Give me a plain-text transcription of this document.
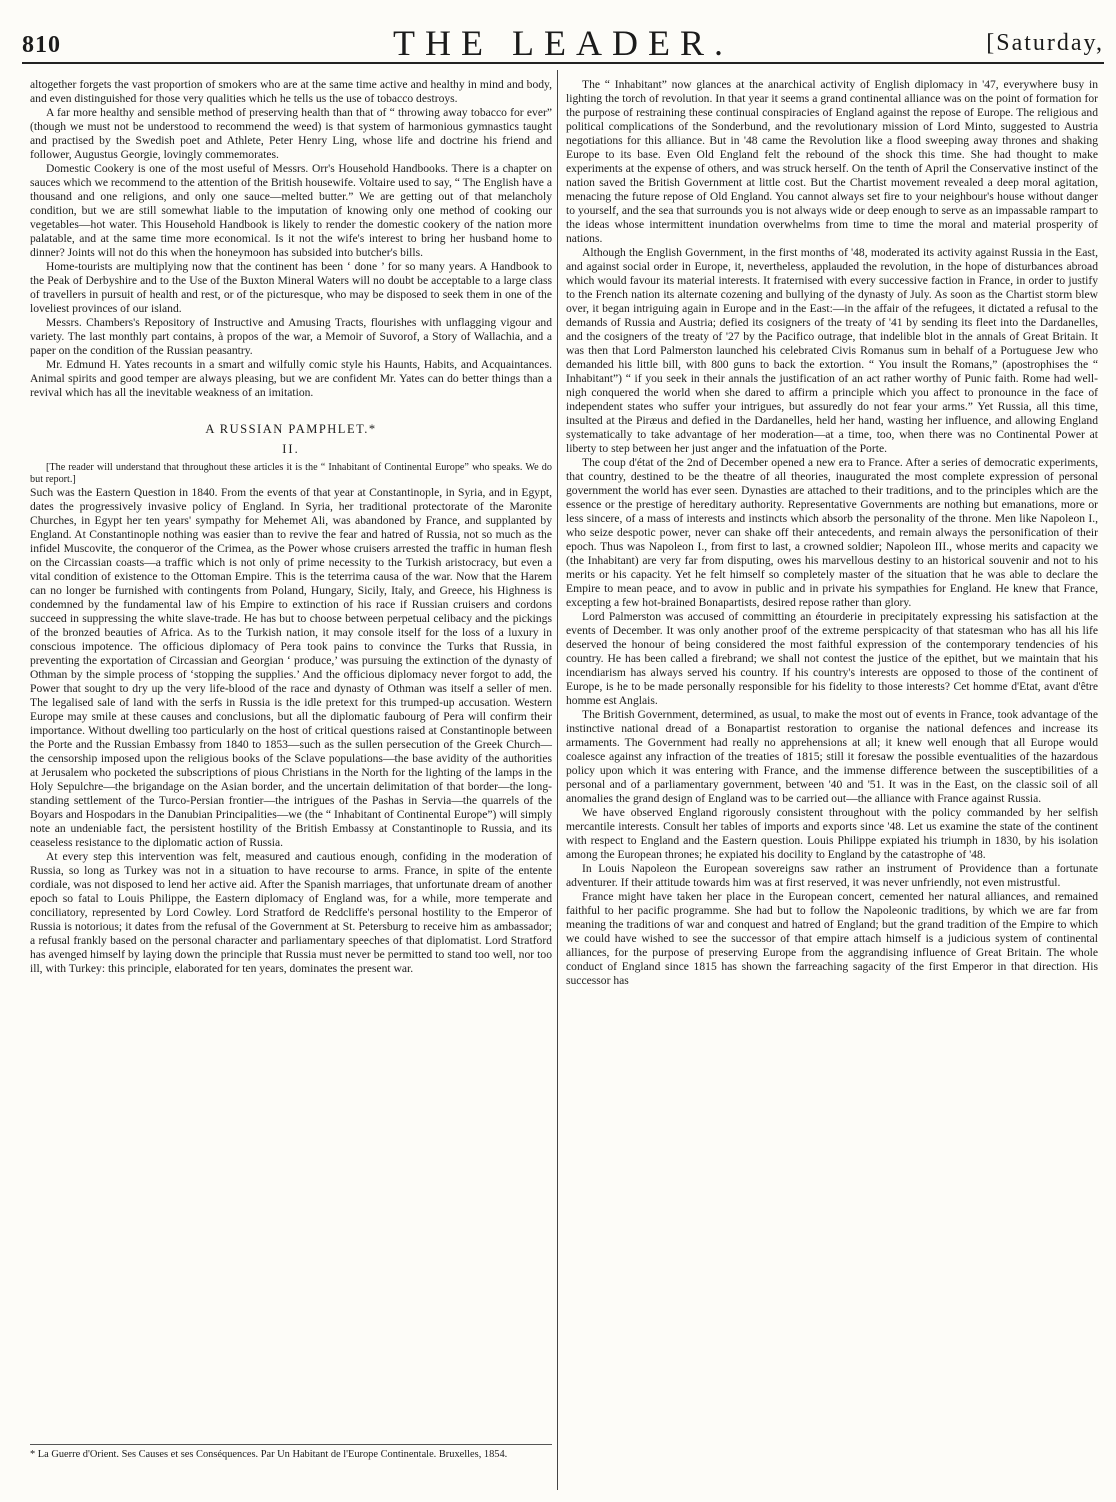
810	THE LEADER.	[Saturday,

altogether forgets the vast proportion of smokers who are at the same time active and healthy in mind and body, and even distinguished for those very qualities which he tells us the use of tobacco destroys.

A far more healthy and sensible method of preserving health than that of “ throwing away tobacco for ever” (though we must not be understood to recommend the weed) is that system of harmonious gymnastics taught and practised by the Swedish poet and Athlete, Peter Henry Ling, whose life and doctrine his friend and follower, Augustus Georgie, lovingly commemorates.

Domestic Cookery is one of the most useful of Messrs. Orr's Household Handbooks. There is a chapter on sauces which we recommend to the attention of the British housewife. Voltaire used to say, “ The English have a thousand and one religions, and only one sauce—melted butter.” We are getting out of that melancholy condition, but we are still somewhat liable to the imputation of knowing only one method of cooking our vegetables—hot water. This Household Handbook is likely to render the domestic cookery of the nation more palatable, and at the same time more economical. Is it not the wife's interest to bring her husband home to dinner? Joints will not do this when the honeymoon has subsided into butcher's bills.

Home-tourists are multiplying now that the continent has been ‘ done ’ for so many years. A Handbook to the Peak of Derbyshire and to the Use of the Buxton Mineral Waters will no doubt be acceptable to a large class of travellers in pursuit of health and rest, or of the picturesque, who may be disposed to seek them in one of the loveliest provinces of our island.

Messrs. Chambers's Repository of Instructive and Amusing Tracts, flourishes with unflagging vigour and variety. The last monthly part contains, à propos of the war, a Memoir of Suvorof, a Story of Wallachia, and a paper on the condition of the Russian peasantry.

Mr. Edmund H. Yates recounts in a smart and wilfully comic style his Haunts, Habits, and Acquaintances. Animal spirits and good temper are always pleasing, but we are confident Mr. Yates can do better things than a revival which has all the inevitable weakness of an imitation.

A RUSSIAN PAMPHLET.*
II.

[The reader will understand that throughout these articles it is the “ Inhabitant of Continental Europe” who speaks. We do but report.]

Such was the Eastern Question in 1840. From the events of that year at Constantinople, in Syria, and in Egypt, dates the progressively invasive policy of England. In Syria, her traditional protectorate of the Maronite Churches, in Egypt her ten years' sympathy for Mehemet Ali, was abandoned by France, and supplanted by England. At Constantinople nothing was easier than to revive the fear and hatred of Russia, not so much as the infidel Muscovite, the conqueror of the Crimea, as the Power whose cruisers arrested the traffic in human flesh on the Circassian coasts—a traffic which is not only of prime necessity to the Turkish aristocracy, but even a vital condition of existence to the Ottoman Empire. This is the teterrima causa of the war. Now that the Harem can no longer be furnished with contingents from Poland, Hungary, Sicily, Italy, and Greece, his Highness is condemned by the fundamental law of his Empire to extinction of his race if Russian cruisers and cordons succeed in suppressing the white slave-trade. He has but to choose between perpetual celibacy and the pickings of the bronzed beauties of Africa. As to the Turkish nation, it may console itself for the loss of a luxury in conscious impotence. The officious diplomacy of Pera took pains to convince the Turks that Russia, in preventing the exportation of Circassian and Georgian ‘ produce,’ was pursuing the extinction of the dynasty of Othman by the simple process of ‘stopping the supplies.’ And the officious diplomacy never forgot to add, the Power that sought to dry up the very life-blood of the race and dynasty of Othman was itself a seller of men. The legalised sale of land with the serfs in Russia is the idle pretext for this trumped-up accusation. Western Europe may smile at these causes and conclusions, but all the diplomatic faubourg of Pera will confirm their importance. Without dwelling too particularly on the host of critical questions raised at Constantinople between the Porte and the Russian Embassy from 1840 to 1853—such as the sullen persecution of the Greek Church—the censorship imposed upon the religious books of the Sclave populations—the base avidity of the authorities at Jerusalem who pocketed the subscriptions of pious Christians in the North for the lighting of the lamps in the Holy Sepulchre—the brigandage on the Asian border, and the uncertain delimitation of that border—the long-standing settlement of the Turco-Persian frontier—the intrigues of the Pashas in Servia—the quarrels of the Boyars and Hospodars in the Danubian Principalities—we (the “ Inhabitant of Continental Europe”) will simply note an undeniable fact, the persistent hostility of the British Embassy at Constantinople to Russia, and its ceaseless resistance to the diplomatic action of Russia.

At every step this intervention was felt, measured and cautious enough, confiding in the moderation of Russia, so long as Turkey was not in a situation to have recourse to arms. France, in spite of the entente cordiale, was not disposed to lend her active aid. After the Spanish marriages, that unfortunate dream of another epoch so fatal to Louis Philippe, the Eastern diplomacy of England was, for a while, more temperate and conciliatory, represented by Lord Cowley. Lord Stratford de Redcliffe's personal hostility to the Emperor of Russia is notorious; it dates from the refusal of the Government at St. Petersburg to receive him as ambassador; a refusal frankly based on the personal character and parliamentary speeches of that diplomatist. Lord Stratford has avenged himself by laying down the principle that Russia must never be permitted to stand too well, nor too ill, with Turkey: this principle, elaborated for ten years, dominates the present war.

* La Guerre d'Orient. Ses Causes et ses Conséquences. Par Un Habitant de l'Europe Continentale. Bruxelles, 1854.

The “ Inhabitant” now glances at the anarchical activity of English diplomacy in '47, everywhere busy in lighting the torch of revolution. In that year it seems a grand continental alliance was on the point of formation for the purpose of restraining these continual conspiracies of England against the repose of Europe. The religious and political complications of the Sonderbund, and the revolutionary mission of Lord Minto, suggested to Austria negotiations for this alliance. But in '48 came the Revolution like a flood sweeping away thrones and shaking Europe to its base. Even Old England felt the rebound of the shock this time. She had thought to make experiments at the expense of others, and was struck herself. On the tenth of April the Conservative instinct of the nation saved the British Government at little cost. But the Chartist movement revealed a deep moral agitation, menacing the future repose of Old England. You cannot always set fire to your neighbour's house without danger to yourself, and the sea that surrounds you is not always wide or deep enough to serve as an impassable rampart to the ideas whose intermittent inundation overwhelms from time to time the moral and material prosperity of nations.

Although the English Government, in the first months of '48, moderated its activity against Russia in the East, and against social order in Europe, it, nevertheless, applauded the revolution, in the hope of disturbances abroad which would favour its material interests. It fraternised with every successive faction in France, in order to justify to the French nation its alternate cozening and bullying of the dynasty of July. As soon as the Chartist storm blew over, it began intriguing again in Europe and in the East:—in the affair of the refugees, it dictated a refusal to the demands of Russia and Austria; defied its cosigners of the treaty of '41 by sending its fleet into the Dardanelles, and the cosigners of the treaty of '27 by the Pacifico outrage, that indelible blot in the annals of Great Britain. It was then that Lord Palmerston launched his celebrated Civis Romanus sum in behalf of a Portuguese Jew who demanded his little bill, with 800 guns to back the extortion. “ You insult the Romans,” (apostrophises the “ Inhabitant”) “ if you seek in their annals the justification of an act rather worthy of Punic faith. Rome had well-nigh conquered the world when she dared to affirm a principle which you affect to pronounce in the face of independent states who suffer your intrigues, but assuredly do not fear your arms.” Yet Russia, all this time, insulted at the Piræus and defied in the Dardanelles, held her hand, wasting her influence, and allowing England systematically to take advantage of her moderation—at a time, too, when there was no Continental Power at liberty to step between her just anger and the infatuation of the Porte.

The coup d'état of the 2nd of December opened a new era to France. After a series of democratic experiments, that country, destined to be the theatre of all theories, inaugurated the most complete expression of personal government the world has ever seen. Dynasties are attached to their traditions, and to the principles which are the essence or the prestige of hereditary authority. Representative Governments are nothing but emanations, more or less sincere, of a mass of interests and instincts which absorb the personality of the throne. Men like Napoleon I., who seize despotic power, never can shake off their antecedents, and remain always the personification of their epoch. Thus was Napoleon I., from first to last, a crowned soldier; Napoleon III., whose merits and capacity we (the Inhabitant) are very far from disputing, owes his marvellous destiny to an historical souvenir and not to his merits or his capacity. Yet he felt himself so completely master of the situation that he was able to declare the Empire to mean peace, and to avow in public and in private his sympathies for England. He knew that France, excepting a few hot-brained Bonapartists, desired repose rather than glory.

Lord Palmerston was accused of committing an étourderie in precipitately expressing his satisfaction at the events of December. It was only another proof of the extreme perspicacity of that statesman who has all his life deserved the honour of being considered the most faithful expression of the contemporary tendencies of his country. He has been called a firebrand; we shall not contest the justice of the epithet, but we maintain that his incendiarism has always served his country. If his country's interests are opposed to those of the continent of Europe, is he to be made personally responsible for his fidelity to those interests? Cet homme d'Etat, avant d'être homme est Anglais.

The British Government, determined, as usual, to make the most out of events in France, took advantage of the instinctive national dread of a Bonapartist restoration to organise the national defences and increase its armaments. The Government had really no apprehensions at all; it knew well enough that all Europe would coalesce against any infraction of the treaties of 1815; still it foresaw the possible eventualities of the hazardous policy upon which it was entering with France, and the immense difference between the susceptibilities of a personal and of a parliamentary government, between '40 and '51. It was in the East, on the classic soil of all anomalies the grand design of England was to be carried out—the alliance with France against Russia.

We have observed England rigorously consistent throughout with the policy commanded by her selfish mercantile interests. Consult her tables of imports and exports since '48. Let us examine the state of the continent with respect to England and the Eastern question. Louis Philippe expiated his triumph in 1830, by his isolation among the European thrones; he expiated his docility to England by the catastrophe of '48.

In Louis Napoleon the European sovereigns saw rather an instrument of Providence than a fortunate adventurer. If their attitude towards him was at first reserved, it was never unfriendly, not even mistrustful.

France might have taken her place in the European concert, cemented her natural alliances, and remained faithful to her pacific programme. She had but to follow the Napoleonic traditions, by which we are far from meaning the traditions of war and conquest and hatred of England; but the grand tradition of the Empire to which we could have wished to see the successor of that empire attach himself is a judicious system of continental alliances, for the purpose of preserving Europe from the aggrandising influence of Great Britain. The whole conduct of England since 1815 has shown the farreaching sagacity of the first Emperor in that direction. His successor has
